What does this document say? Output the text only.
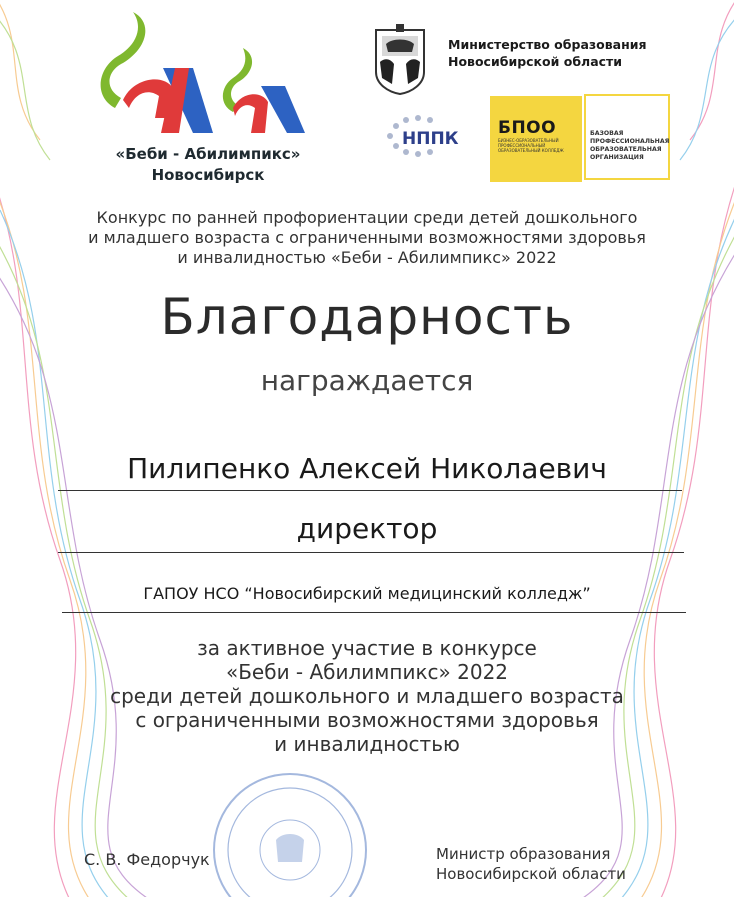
«Беби - Абилимпикс»
Новосибирск
Министерство образования
Новосибирской области
НППК
БПОО
БИЗНЕС-ОБРАЗОВАТЕЛЬНЫЙ ПРОФЕССИОНАЛЬНЫЙ ОБРАЗОВАТЕЛЬНЫЙ КОЛЛЕДЖ
БАЗОВАЯ
ПРОФЕССИОНАЛЬНАЯ
ОБРАЗОВАТЕЛЬНАЯ
ОРГАНИЗАЦИЯ
Конкурс по ранней профориентации среди детей дошкольного
и младшего возраста с ограниченными возможностями здоровья
и инвалидностью «Беби - Абилимпикс» 2022
Благодарность
награждается
Пилипенко Алексей Николаевич
директор
ГАПОУ НСО “Новосибирский медицинский колледж”
за активное участие в конкурсе
«Беби - Абилимпикс» 2022
среди детей дошкольного и младшего возраста
с ограниченными возможностями здоровья
и инвалидностью
С. В. Федорчук	Министр образования
Новосибирской области
